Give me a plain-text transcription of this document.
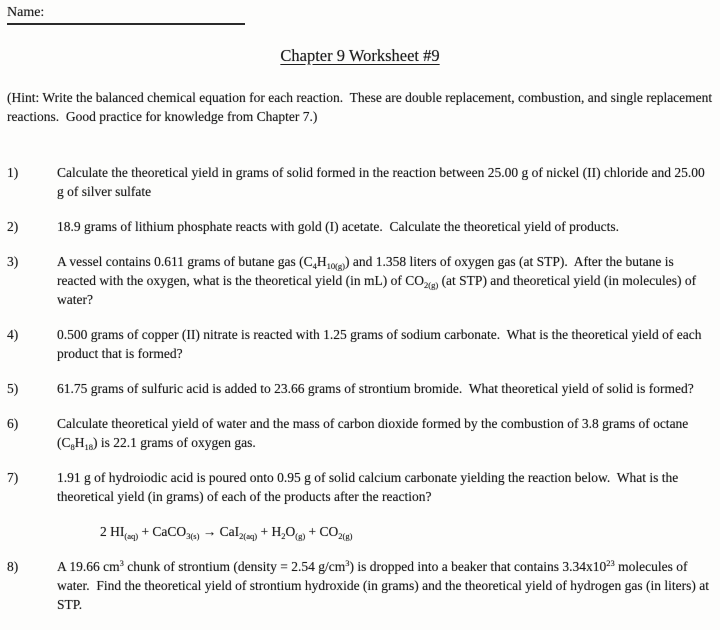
Name:
Chapter 9 Worksheet #9
(Hint: Write the balanced chemical equation for each reaction.  These are double replacement, combustion, and single replacement reactions.  Good practice for knowledge from Chapter 7.)
1)	Calculate the theoretical yield in grams of solid formed in the reaction between 25.00 g of nickel (II) chloride and 25.00 g of silver sulfate
2)	18.9 grams of lithium phosphate reacts with gold (I) acetate.  Calculate the theoretical yield of products.
3)	A vessel contains 0.611 grams of butane gas $(C_4H_{10(g)})$ and 1.358 liters of oxygen gas (at STP).  After the butane is reacted with the oxygen, what is the theoretical yield (in mL) of $CO_{2(g)}$ (at STP) and theoretical yield (in molecules) of water?
4)	0.500 grams of copper (II) nitrate is reacted with 1.25 grams of sodium carbonate.  What is the theoretical yield of each product that is formed?
5)	61.75 grams of sulfuric acid is added to 23.66 grams of strontium bromide.  What theoretical yield of solid is formed?
6)	Calculate theoretical yield of water and the mass of carbon dioxide formed by the combustion of 3.8 grams of octane $(C_8H_{18})$ is 22.1 grams of oxygen gas.
7)	1.91 g of hydroiodic acid is poured onto 0.95 g of solid calcium carbonate yielding the reaction below.  What is the theoretical yield (in grams) of each of the products after the reaction?
2 $HI_{(aq)}$ + CaCO$_{3(s)}$ → $CaI_{2(aq)} + H_2O_{(g)} + CO_{2(g)}$
8)	A 19.66 $cm^3$ chunk of strontium (density = 2.54 $g/cm^3$) is dropped into a beaker that contains $3.34x10^{23}$ molecules of water.  Find the theoretical yield of strontium hydroxide (in grams) and the theoretical yield of hydrogen gas (in liters) at STP.
